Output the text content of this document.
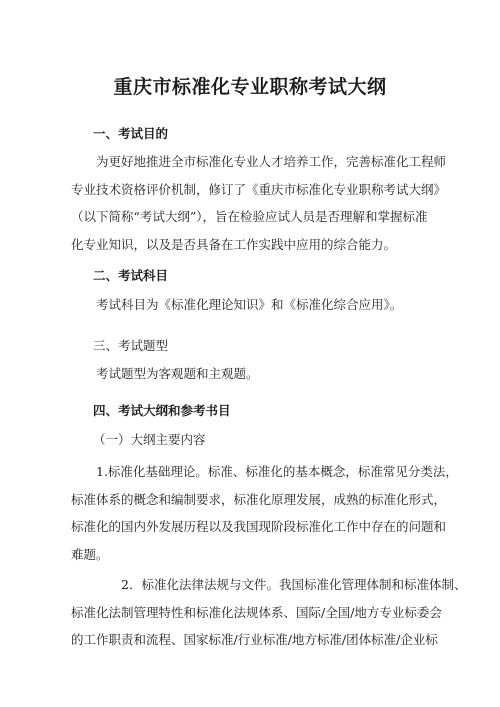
重庆市标准化专业职称考试大纲
一、考试目的
为更好地推进全市标准化专业人才培养工作，完善标准化工程师
专业技术资格评价机制，修订了《重庆市标准化专业职称考试大纲》
（以下简称“考试大纲”），旨在检验应试人员是否理解和掌握标准
化专业知识，以及是否具备在工作实践中应用的综合能力。
二、考试科目
考试科目为《标准化理论知识》和《标准化综合应用》。
三、考试题型
考试题型为客观题和主观题。
四、考试大纲和参考书目
（一）大纲主要内容
1.标准化基础理论。标准、标准化的基本概念，标准常见分类法，
标准体系的概念和编制要求，标准化原理发展，成熟的标准化形式，
标准化的国内外发展历程以及我国现阶段标准化工作中存在的问题和
难题。
2．标准化法律法规与文件。我国标准化管理体制和标准体制、
标准化法制管理特性和标准化法规体系、国际/全国/地方专业标委会
的工作职责和流程、国家标准/行业标准/地方标准/团体标准/企业标
